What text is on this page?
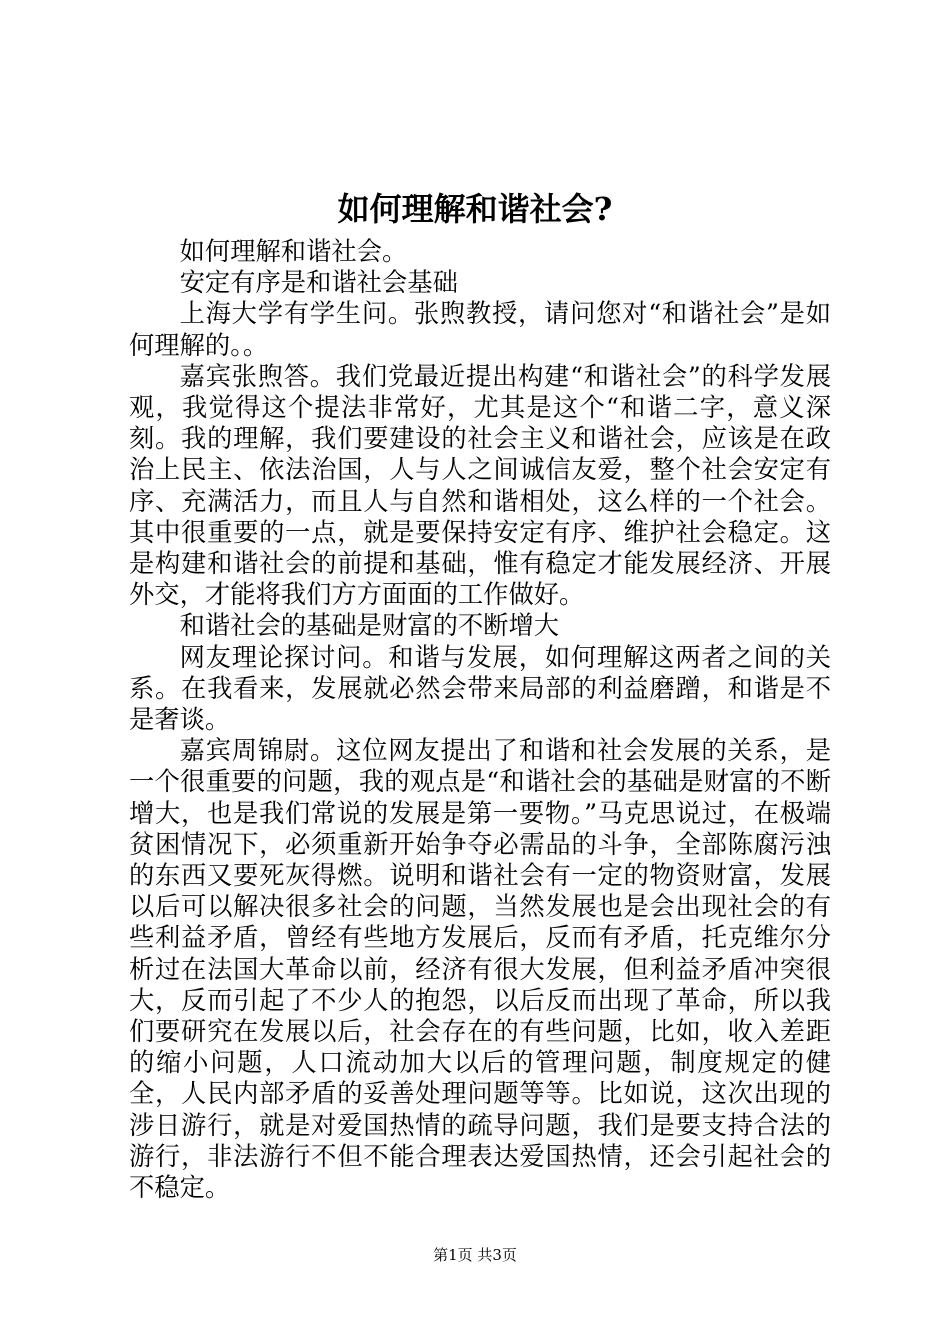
如何理解和谐社会?

如何理解和谐社会。

安定有序是和谐社会基础

上海大学有学生问。张煦教授，请问您对“和谐社会”是如何理解的。。

嘉宾张煦答。我们党最近提出构建“和谐社会”的科学发展观，我觉得这个提法非常好，尤其是这个“和谐二字，意义深刻。我的理解，我们要建设的社会主义和谐社会，应该是在政治上民主、依法治国，人与人之间诚信友爱，整个社会安定有序、充满活力，而且人与自然和谐相处，这么样的一个社会。其中很重要的一点，就是要保持安定有序、维护社会稳定。这是构建和谐社会的前提和基础，惟有稳定才能发展经济、开展外交，才能将我们方方面面的工作做好。

和谐社会的基础是财富的不断增大

网友理论探讨问。和谐与发展，如何理解这两者之间的关系。在我看来，发展就必然会带来局部的利益磨蹭，和谐是不是奢谈。

嘉宾周锦尉。这位网友提出了和谐和社会发展的关系，是一个很重要的问题，我的观点是“和谐社会的基础是财富的不断增大，也是我们常说的发展是第一要物。”马克思说过，在极端贫困情况下，必须重新开始争夺必需品的斗争，全部陈腐污浊的东西又要死灰得燃。说明和谐社会有一定的物资财富，发展以后可以解决很多社会的问题，当然发展也是会出现社会的有些利益矛盾，曾经有些地方发展后，反而有矛盾，托克维尔分析过在法国大革命以前，经济有很大发展，但利益矛盾冲突很大，反而引起了不少人的抱怨，以后反而出现了革命，所以我们要研究在发展以后，社会存在的有些问题，比如，收入差距的缩小问题，人口流动加大以后的管理问题，制度规定的健全，人民内部矛盾的妥善处理问题等等。比如说，这次出现的涉日游行，就是对爱国热情的疏导问题，我们是要支持合法的游行，非法游行不但不能合理表达爱国热情，还会引起社会的不稳定。

第1页 共3页
